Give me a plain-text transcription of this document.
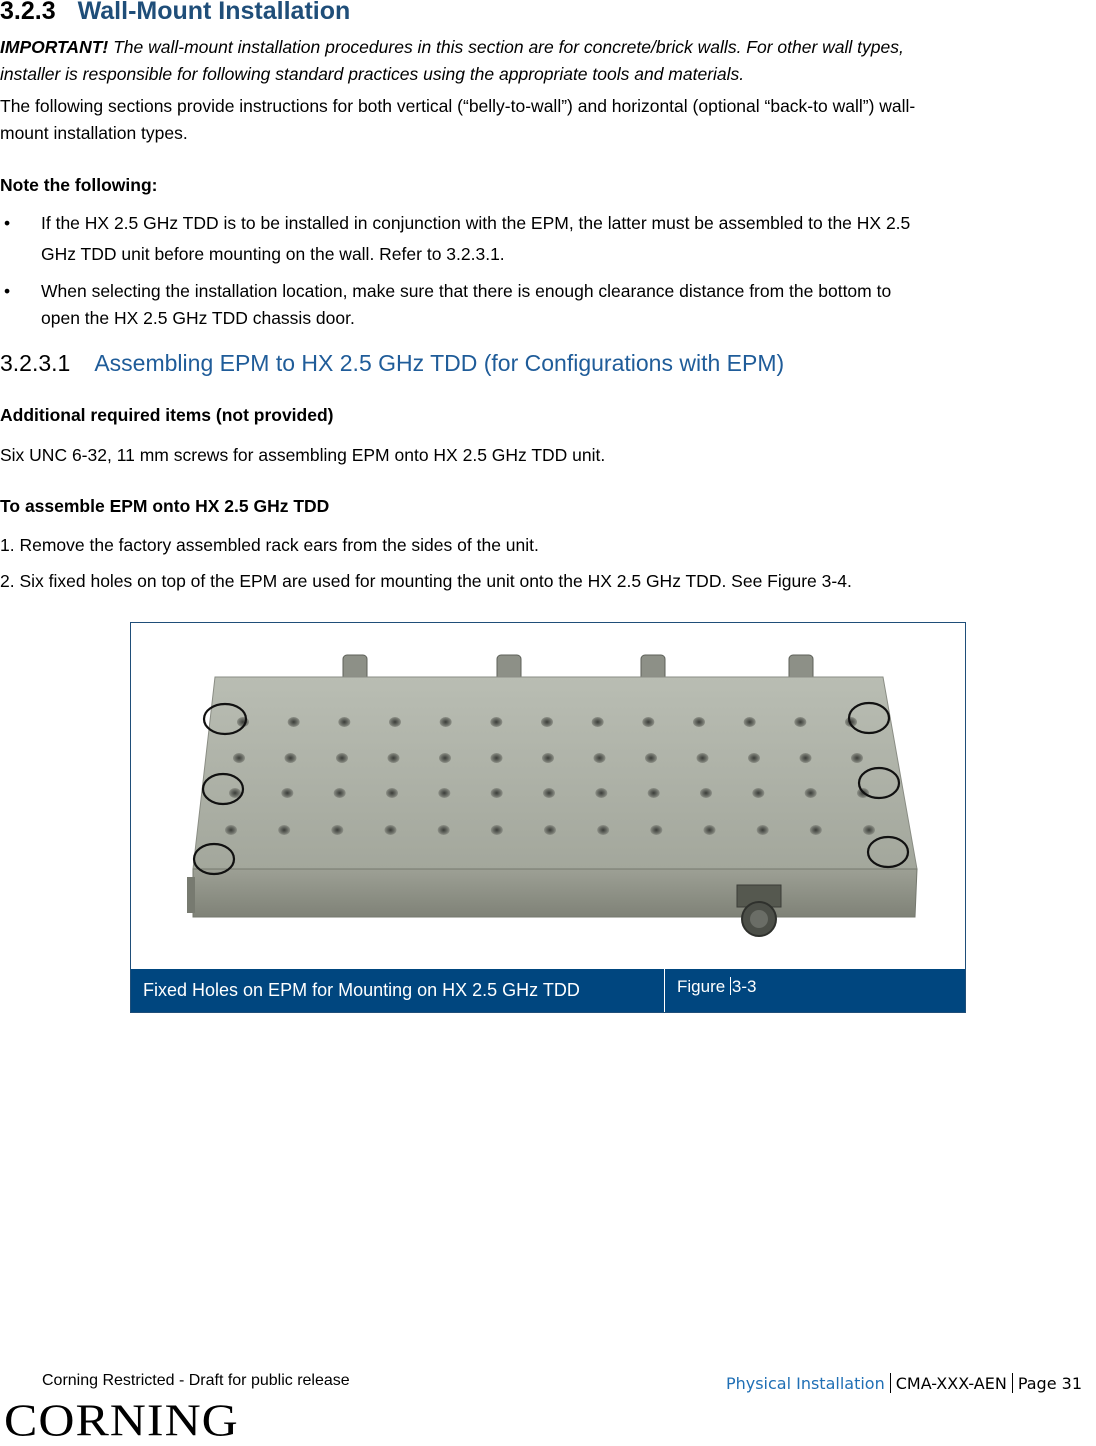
3.2.3 Wall-Mount Installation
IMPORTANT! The wall-mount installation procedures in this section are for concrete/brick walls. For other wall types,
installer is responsible for following standard practices using the appropriate tools and materials.
The following sections provide instructions for both vertical (“belly-to-wall”) and horizontal (optional “back-to wall”) wall-
mount installation types.
Note the following:
• If the HX 2.5 GHz TDD is to be installed in conjunction with the EPM, the latter must be assembled to the HX 2.5
GHz TDD unit before mounting on the wall. Refer to 3.2.3.1.
• When selecting the installation location, make sure that there is enough clearance distance from the bottom to
open the HX 2.5 GHz TDD chassis door.
3.2.3.1 Assembling EPM to HX 2.5 GHz TDD (for Configurations with EPM)
Additional required items (not provided)
Six UNC 6-32, 11 mm screws for assembling EPM onto HX 2.5 GHz TDD unit.
To assemble EPM onto HX 2.5 GHz TDD
1. Remove the factory assembled rack ears from the sides of the unit.
2. Six fixed holes on top of the EPM are used for mounting the unit onto the HX 2.5 GHz TDD. See Figure 3-4.
Fixed Holes on EPM for Mounting on HX 2.5 GHz TDD	Figure 3-3
Corning Restricted - Draft for public release	Physical Installation CMA-XXX-AEN Page 31
CORNING
